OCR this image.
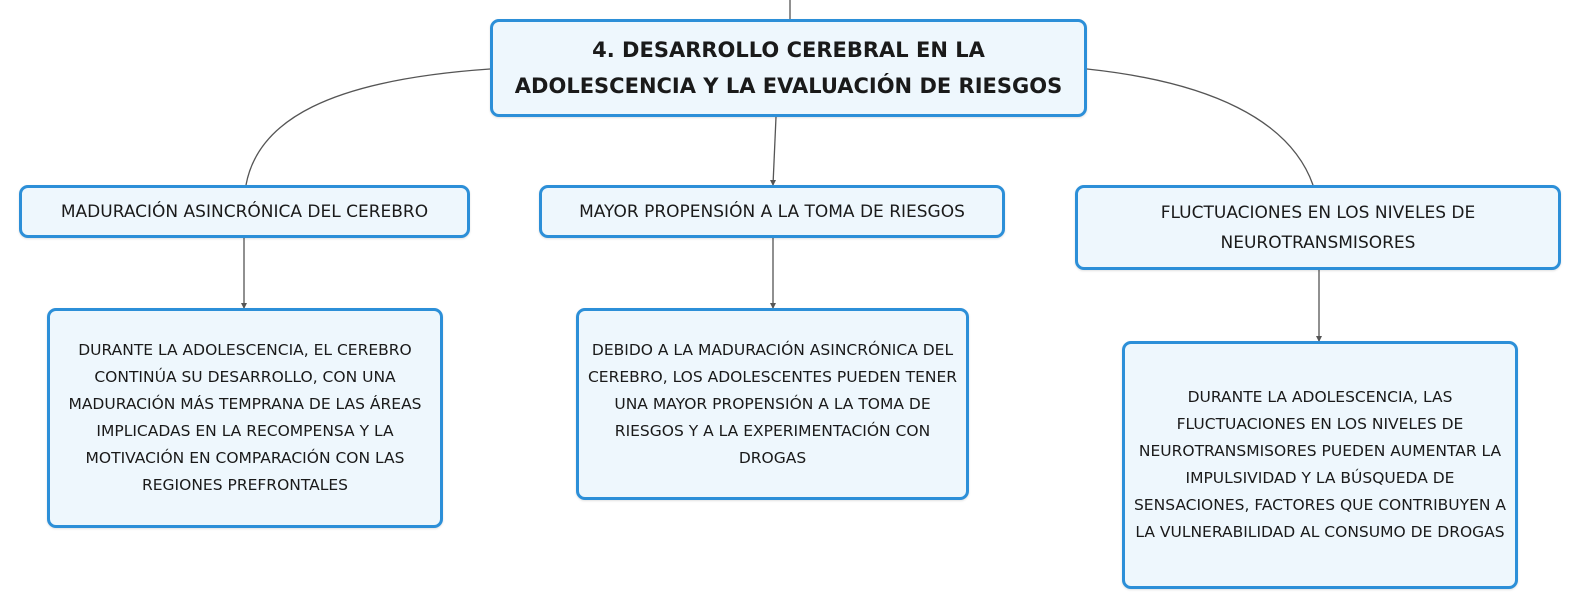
4. DESARROLLO CEREBRAL EN LA ADOLESCENCIA Y LA EVALUACIÓN DE RIESGOS
MADURACIÓN ASINCRÓNICA DEL CEREBRO	MAYOR PROPENSIÓN A LA TOMA DE RIESGOS	FLUCTUACIONES EN LOS NIVELES DE NEUROTRANSMISORES
DURANTE LA ADOLESCENCIA, EL CEREBRO CONTINÚA SU DESARROLLO, CON UNA MADURACIÓN MÁS TEMPRANA DE LAS ÁREAS IMPLICADAS EN LA RECOMPENSA Y LA MOTIVACIÓN EN COMPARACIÓN CON LAS REGIONES PREFRONTALES
DEBIDO A LA MADURACIÓN ASINCRÓNICA DEL CEREBRO, LOS ADOLESCENTES PUEDEN TENER UNA MAYOR PROPENSIÓN A LA TOMA DE RIESGOS Y A LA EXPERIMENTACIÓN CON DROGAS
DURANTE LA ADOLESCENCIA, LAS FLUCTUACIONES EN LOS NIVELES DE NEUROTRANSMISORES PUEDEN AUMENTAR LA IMPULSIVIDAD Y LA BÚSQUEDA DE SENSACIONES, FACTORES QUE CONTRIBUYEN A LA VULNERABILIDAD AL CONSUMO DE DROGAS
